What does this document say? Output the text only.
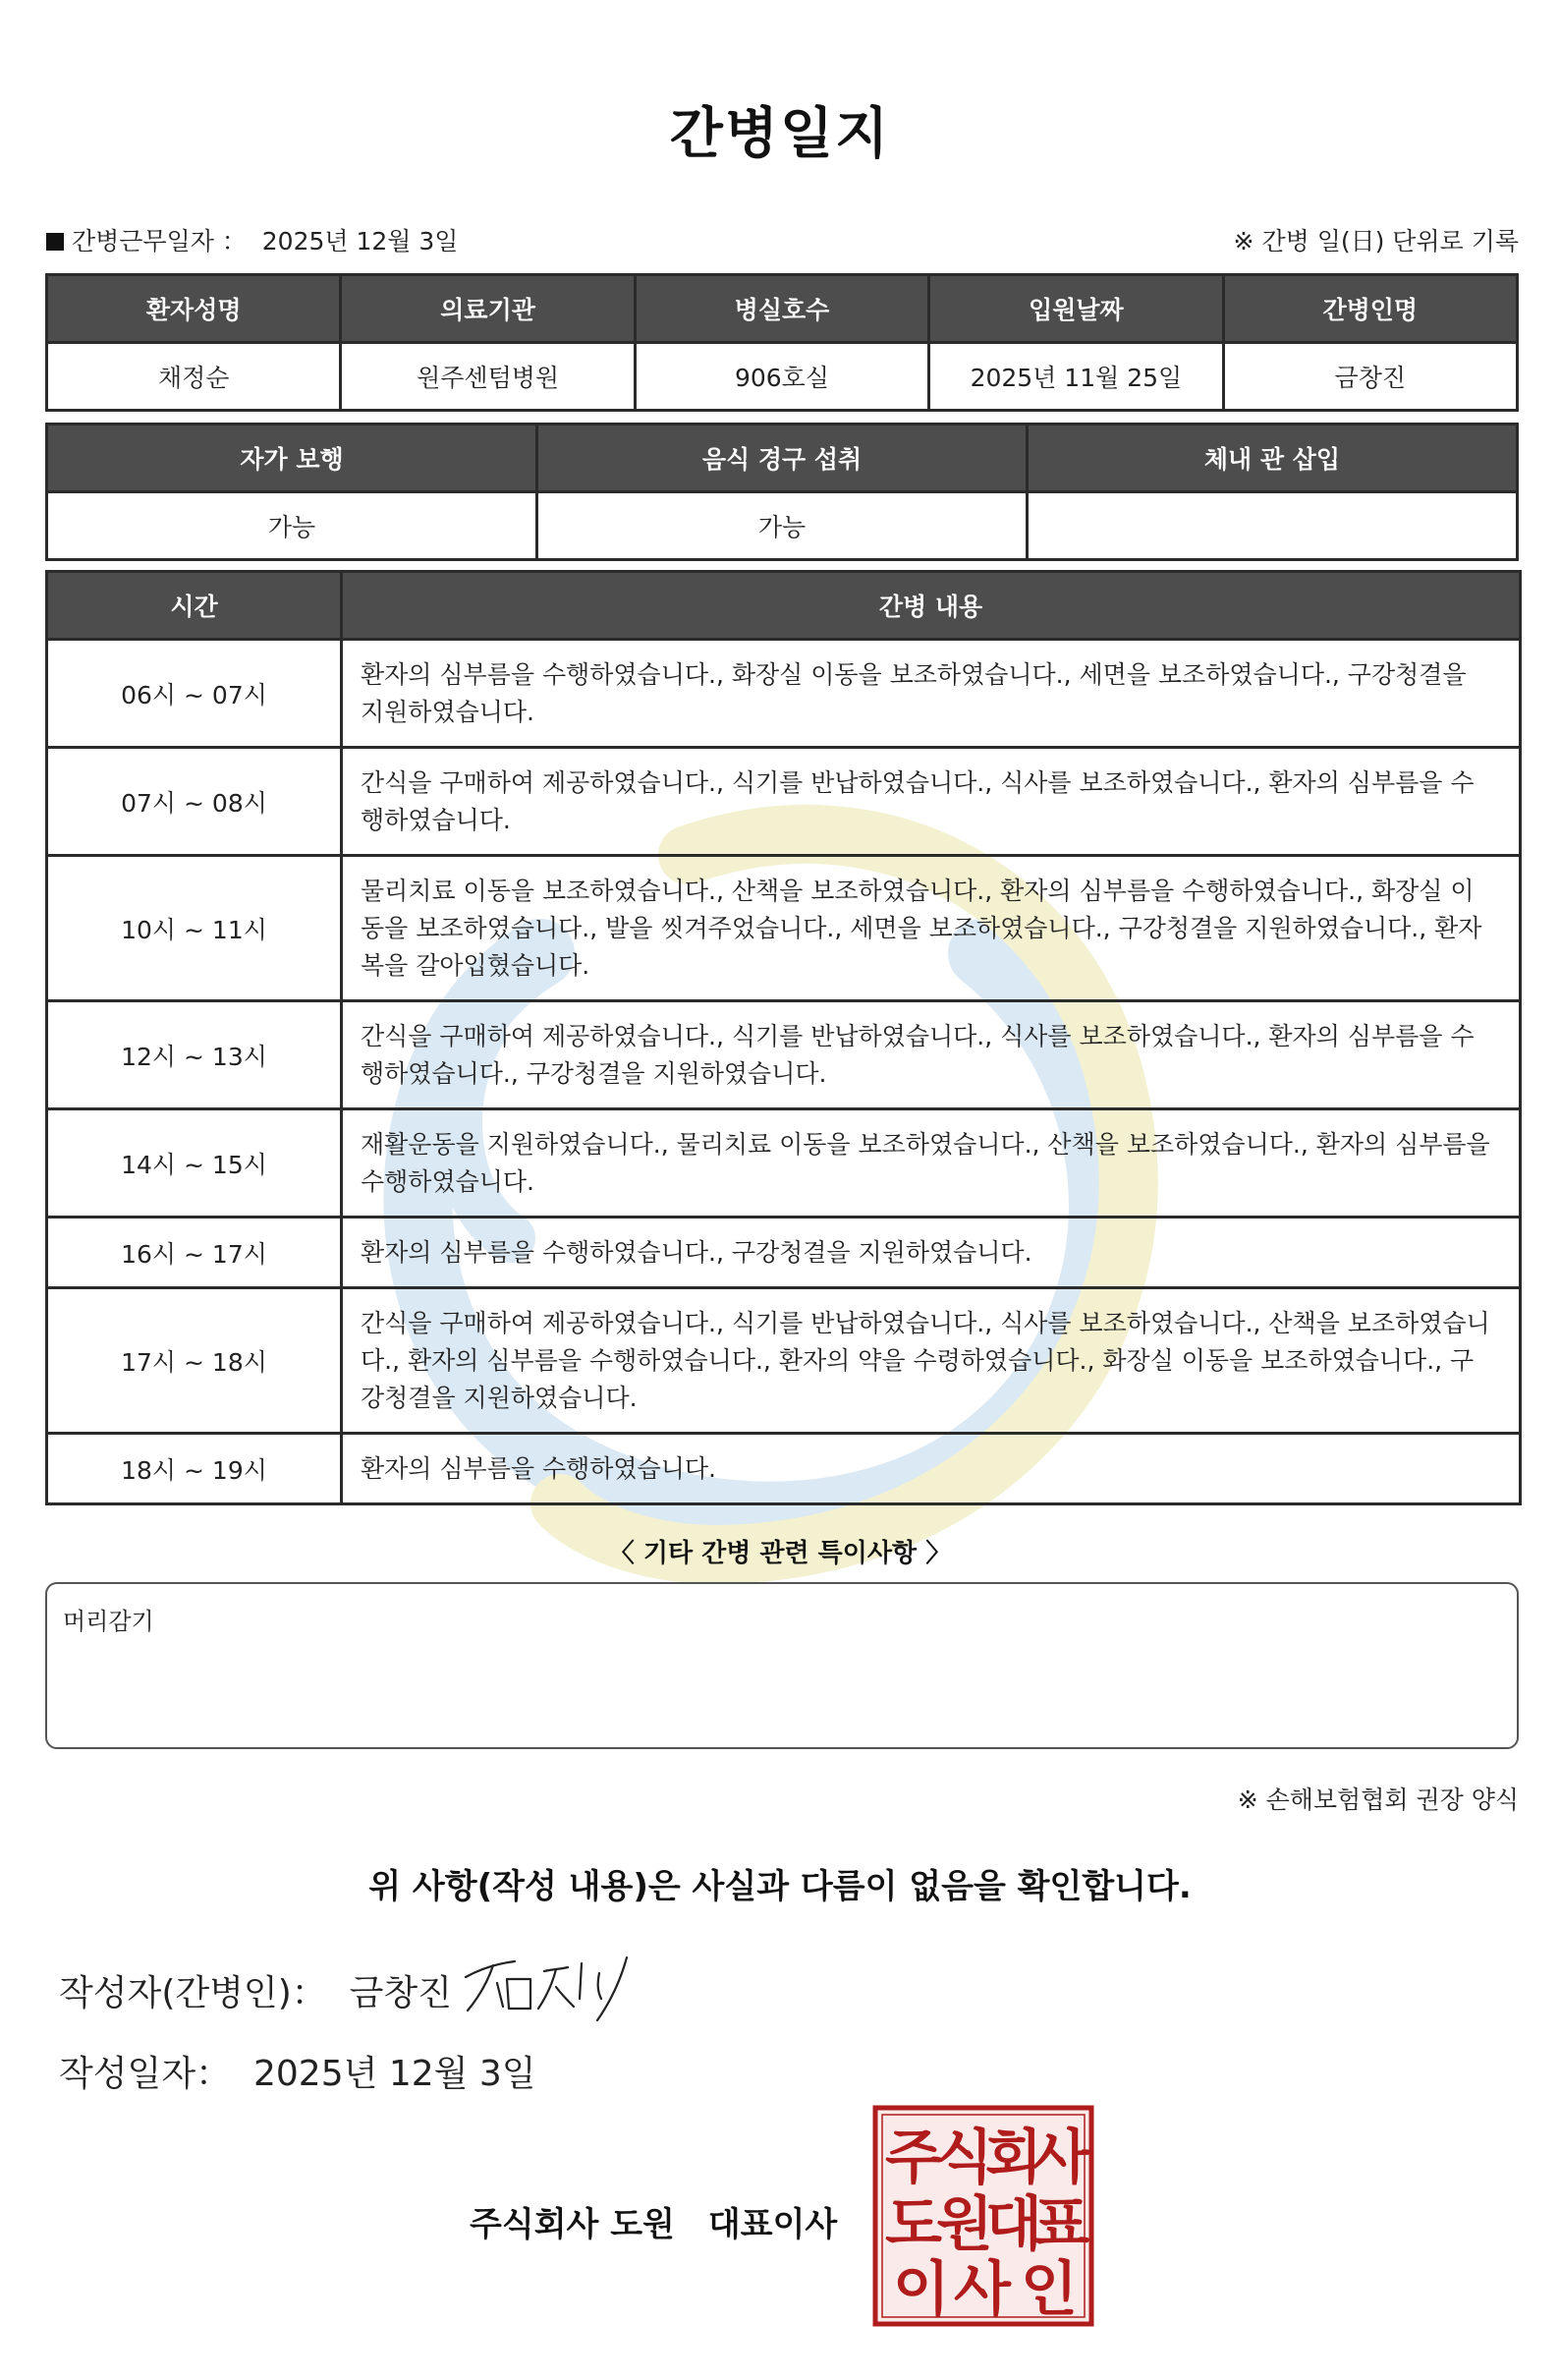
간병일지
간병근무일자 ： 2025년 12월 3일	※ 간병 일(日) 단위로 기록
환자성명	의료기관	병실호수	입원날짜	간병인명
채정순	원주센텀병원	906호실	2025년 11월 25일	금창진
자가 보행	음식 경구 섭취	체내 관 삽입
가능	가능	
시간	간병 내용
06시 ~ 07시	환자의 심부름을 수행하였습니다., 화장실 이동을 보조하였습니다., 세면을 보조하였습니다., 구강청결을 지원하였습니다.
07시 ~ 08시	간식을 구매하여 제공하였습니다., 식기를 반납하였습니다., 식사를 보조하였습니다., 환자의 심부름을 수행하였습니다.
10시 ~ 11시	물리치료 이동을 보조하였습니다., 산책을 보조하였습니다., 환자의 심부름을 수행하였습니다., 화장실 이동을 보조하였습니다., 발을 씻겨주었습니다., 세면을 보조하였습니다., 구강청결을 지원하였습니다., 환자복을 갈아입혔습니다.
12시 ~ 13시	간식을 구매하여 제공하였습니다., 식기를 반납하였습니다., 식사를 보조하였습니다., 환자의 심부름을 수행하였습니다., 구강청결을 지원하였습니다.
14시 ~ 15시	재활운동을 지원하였습니다., 물리치료 이동을 보조하였습니다., 산책을 보조하였습니다., 환자의 심부름을 수행하였습니다.
16시 ~ 17시	환자의 심부름을 수행하였습니다., 구강청결을 지원하였습니다.
17시 ~ 18시	간식을 구매하여 제공하였습니다., 식기를 반납하였습니다., 식사를 보조하였습니다., 산책을 보조하였습니다., 환자의 심부름을 수행하였습니다., 환자의 약을 수령하였습니다., 화장실 이동을 보조하였습니다., 구강청결을 지원하였습니다.
18시 ~ 19시	환자의 심부름을 수행하였습니다.
〈 기타 간병 관련 특이사항 〉
머리감기
※ 손해보험협회 권장 양식
위 사항(작성 내용)은 사실과 다름이 없음을 확인합니다.
작성자(간병인)： 금창진
작성일자： 2025년 12월 3일
주식회사 도원　대표이사
주
식
회
사
도
원
대
표
이 사 인
